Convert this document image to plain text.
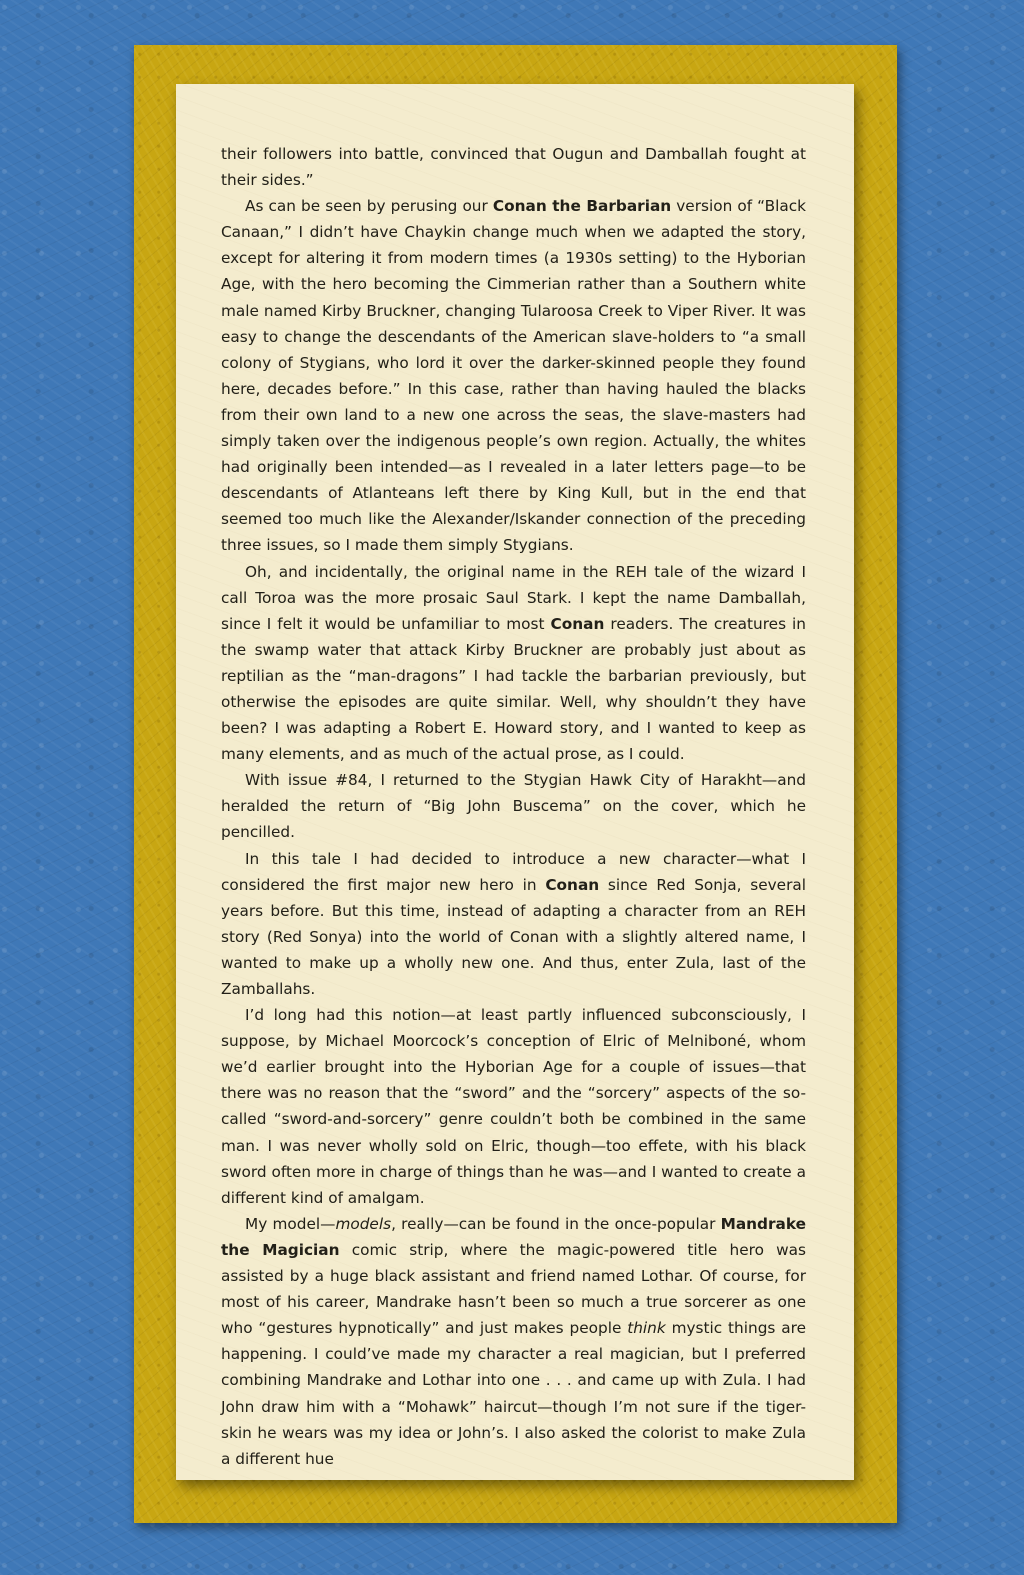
their followers into battle, convinced that Ougun and Damballah fought at their sides.”

As can be seen by perusing our Conan the Barbarian version of “Black Canaan,” I didn’t have Chaykin change much when we adapted the story, except for altering it from modern times (a 1930s setting) to the Hyborian Age, with the hero becoming the Cimmerian rather than a Southern white male named Kirby Bruckner, changing Tularoosa Creek to Viper River. It was easy to change the descendants of the American slave-holders to “a small colony of Stygians, who lord it over the darker-skinned people they found here, decades before.” In this case, rather than having hauled the blacks from their own land to a new one across the seas, the slave-masters had simply taken over the indigenous people’s own region. Actually, the whites had originally been intended—as I revealed in a later letters page—to be descendants of Atlanteans left there by King Kull, but in the end that seemed too much like the Alexander/Iskander connection of the preceding three issues, so I made them simply Stygians.

Oh, and incidentally, the original name in the REH tale of the wizard I call Toroa was the more prosaic Saul Stark. I kept the name Damballah, since I felt it would be unfamiliar to most Conan readers. The creatures in the swamp water that attack Kirby Bruckner are probably just about as reptilian as the “man-dragons” I had tackle the barbarian previously, but otherwise the episodes are quite similar. Well, why shouldn’t they have been? I was adapting a Robert E. Howard story, and I wanted to keep as many elements, and as much of the actual prose, as I could.

With issue #84, I returned to the Stygian Hawk City of Harakht—and heralded the return of “Big John Buscema” on the cover, which he pencilled.

In this tale I had decided to introduce a new character—what I considered the first major new hero in Conan since Red Sonja, several years before. But this time, instead of adapting a character from an REH story (Red Sonya) into the world of Conan with a slightly altered name, I wanted to make up a wholly new one. And thus, enter Zula, last of the Zamballahs.

I’d long had this notion—at least partly influenced subconsciously, I suppose, by Michael Moorcock’s conception of Elric of Melniboné, whom we’d earlier brought into the Hyborian Age for a couple of issues—that there was no reason that the “sword” and the “sorcery” aspects of the so-called “sword-and-sorcery” genre couldn’t both be combined in the same man. I was never wholly sold on Elric, though—too effete, with his black sword often more in charge of things than he was—and I wanted to create a different kind of amalgam.

My model—models, really—can be found in the once-popular Mandrake the Magician comic strip, where the magic-powered title hero was assisted by a huge black assistant and friend named Lothar. Of course, for most of his career, Mandrake hasn’t been so much a true sorcerer as one who “gestures hypnotically” and just makes people think mystic things are happening. I could’ve made my character a real magician, but I preferred combining Mandrake and Lothar into one . . . and came up with Zula. I had John draw him with a “Mohawk” haircut—though I’m not sure if the tiger-skin he wears was my idea or John’s. I also asked the colorist to make Zula a different hue
